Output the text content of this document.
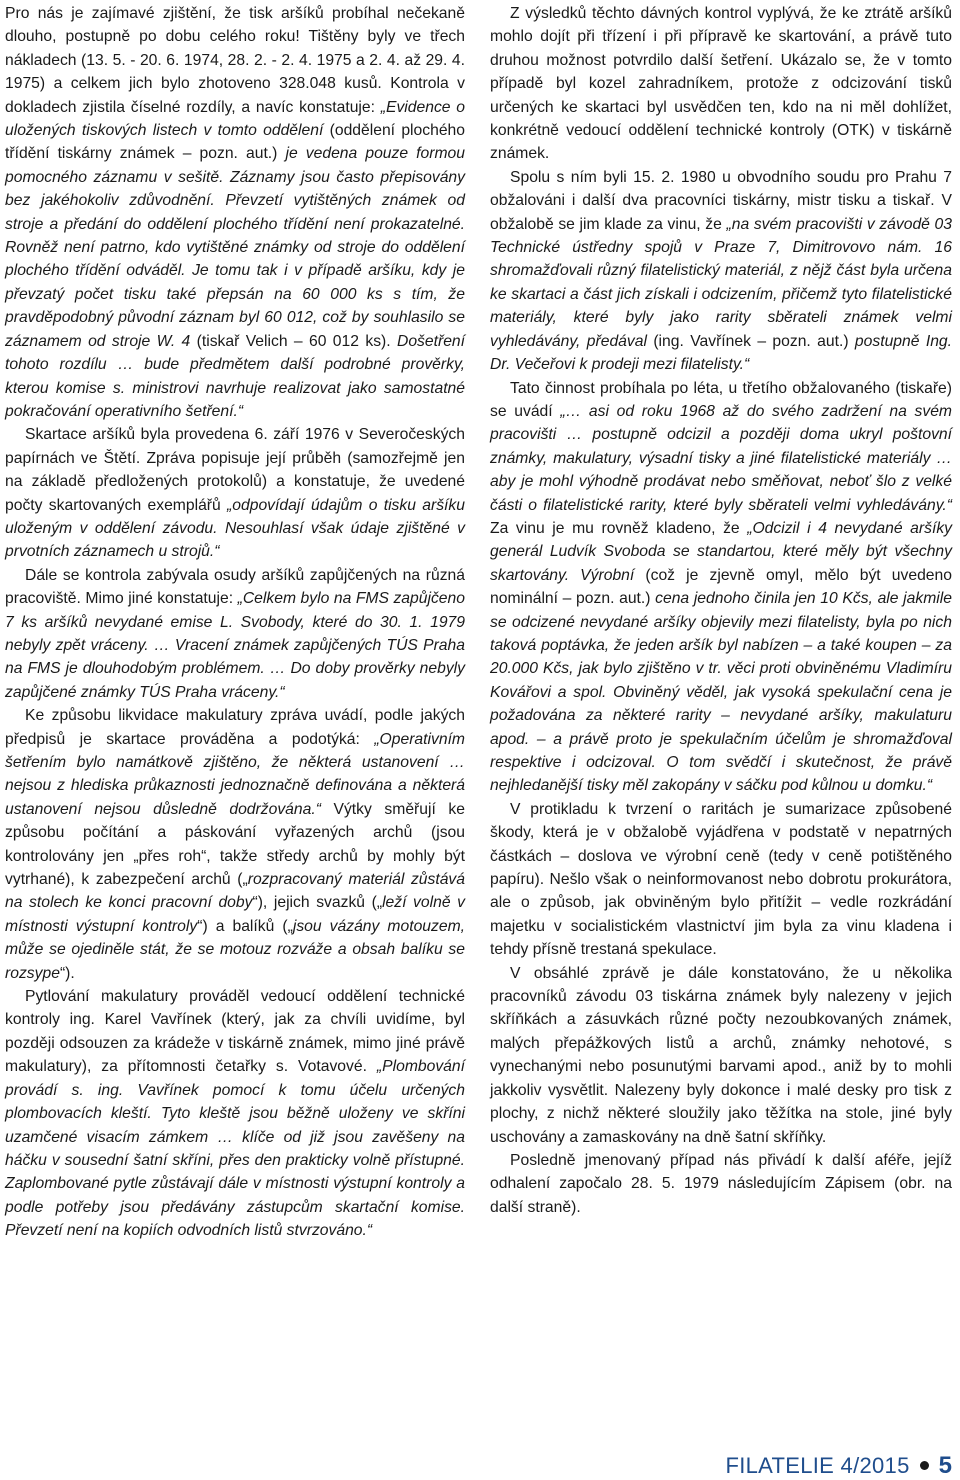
Pro nás je zajímavé zjištění, že tisk aršíků probíhal nečekaně dlouho, postupně po dobu celého roku! Tištěny byly ve třech nákladech (13. 5. - 20. 6. 1974, 28. 2. - 2. 4. 1975 a 2. 4. až 29. 4. 1975) a celkem jich bylo zhotoveno 328.048 kusů. Kontrola v dokladech zjistila číselné rozdíly, a navíc konstatuje: „Evidence o uložených tiskových listech v tomto oddělení (oddělení plochého třídění tiskárny známek – pozn. aut.) je vedena pouze formou pomocného záznamu v sešitě. Záznamy jsou často přepisovány bez jakéhokoliv zdůvodnění. Převzetí vytištěných známek od stroje a předání do oddělení plochého třídění není prokazatelné. Rovněž není patrno, kdo vytištěné známky od stroje do oddělení plochého třídění odváděl. Je tomu tak i v případě aršíku, kdy je převzatý počet tisku také přepsán na 60 000 ks s tím, že pravděpodobný původní záznam byl 60 012, což by souhlasilo se záznamem od stroje W. 4 (tiskař Velich – 60 012 ks). Došetření tohoto rozdílu … bude předmětem další podrobné prověrky, kterou komise s. ministrovi navrhuje realizovat jako samostatné pokračování operativního šetření.“

Skartace aršíků byla provedena 6. září 1976 v Severočeských papírnách ve Štětí. Zpráva popisuje její průběh (samozřejmě jen na základě předložených protokolů) a konstatuje, že uvedené počty skartovaných exemplářů „odpovídají údajům o tisku aršíku uloženým v oddělení závodu. Nesouhlasí však údaje zjištěné v prvotních záznamech u strojů.“

Dále se kontrola zabývala osudy aršíků zapůjčených na různá pracoviště. Mimo jiné konstatuje: „Celkem bylo na FMS zapůjčeno 7 ks aršíků nevydané emise L. Svobody, které do 30. 1. 1979 nebyly zpět vráceny. … Vracení známek zapůjčených TÚS Praha na FMS je dlouhodobým problémem. … Do doby prověrky nebyly zapůjčené známky TÚS Praha vráceny.“

Ke způsobu likvidace makulatury zpráva uvádí, podle jakých předpisů je skartace prováděna a podotýká: „Operativním šetřením bylo namátkově zjištěno, že některá ustanovení … nejsou z hlediska průkaznosti jednoznačně definována a některá ustanovení nejsou důsledně dodržována.“ Výtky směřují ke způsobu počítání a páskování vyřazených archů (jsou kontrolovány jen „přes roh“, takže středy archů by mohly být vytrhané), k zabezpečení archů („rozpracovaný materiál zůstává na stolech ke konci pracovní doby“), jejich svazků („leží volně v místnosti výstupní kontroly“) a balíků („jsou vázány motouzem, může se ojediněle stát, že se motouz rozváže a obsah balíku se rozsype“).

Pytlování makulatury prováděl vedoucí oddělení technické kontroly ing. Karel Vavřínek (který, jak za chvíli uvidíme, byl později odsouzen za krádeže v tiskárně známek, mimo jiné právě makulatury), za přítomnosti četařky s. Votavové. „Plombování provádí s. ing. Vavřínek pomocí k tomu účelu určených plombovacích kleští. Tyto kleště jsou běžně uloženy ve skříni uzamčené visacím zámkem … klíče od již jsou zavěšeny na háčku v sousední šatní skříni, přes den prakticky volně přístupné. Zaplombované pytle zůstávají dále v místnosti výstupní kontroly a podle potřeby jsou předávány zástupcům skartační komise. Převzetí není na kopiích odvodních listů stvrzováno.“

Z výsledků těchto dávných kontrol vyplývá, že ke ztrátě aršíků mohlo dojít při třízení i při přípravě ke skartování, a právě tuto druhou možnost potvrdilo další šetření. Ukázalo se, že v tomto případě byl kozel zahradníkem, protože z odcizování tisků určených ke skartaci byl usvědčen ten, kdo na ni měl dohlížet, konkrétně vedoucí oddělení technické kontroly (OTK) v tiskárně známek.

Spolu s ním byli 15. 2. 1980 u obvodního soudu pro Prahu 7 obžalováni i další dva pracovníci tiskárny, mistr tisku a tiskař. V obžalobě se jim klade za vinu, že „na svém pracovišti v závodě 03 Technické ústředny spojů v Praze 7, Dimitrovovo nám. 16 shromažďovali různý filatelistický materiál, z nějž část byla určena ke skartaci a část jich získali i odcizením, přičemž tyto filatelistické materiály, které byly jako rarity sběrateli známek velmi vyhledávány, předával (ing. Vavřínek – pozn. aut.) postupně Ing. Dr. Večeřovi k prodeji mezi filatelisty.“

Tato činnost probíhala po léta, u třetího obžalovaného (tiskaře) se uvádí „… asi od roku 1968 až do svého zadržení na svém pracovišti … postupně odcizil a později doma ukryl poštovní známky, makulatury, výsadní tisky a jiné filatelistické materiály … aby je mohl výhodně prodávat nebo směňovat, neboť šlo z velké části o filatelistické rarity, které byly sběrateli velmi vyhledávány.“ Za vinu je mu rovněž kladeno, že „Odcizil i 4 nevydané aršíky generál Ludvík Svoboda se standartou, které měly být všechny skartovány. Výrobní (což je zjevně omyl, mělo být uvedeno nominální – pozn. aut.) cena jednoho činila jen 10 Kčs, ale jakmile se odcizené nevydané aršíky objevily mezi filatelisty, byla po nich taková poptávka, že jeden aršík byl nabízen – a také koupen – za 20.000 Kčs, jak bylo zjištěno v tr. věci proti obviněnému Vladimíru Kovářovi a spol. Obviněný věděl, jak vysoká spekulační cena je požadována za některé rarity – nevydané aršíky, makulaturu apod. – a právě proto je spekulačním účelům je shromažďoval respektive i odcizoval. O tom svědčí i skutečnost, že právě nejhledanější tisky měl zakopány v sáčku pod kůlnou u domku.“

V protikladu k tvrzení o raritách je sumarizace způsobené škody, která je v obžalobě vyjádřena v podstatě v nepatrných částkách – doslova ve výrobní ceně (tedy v ceně potištěného papíru). Nešlo však o neinformovanost nebo dobrotu prokurátora, ale o způsob, jak obviněným bylo přitížit – vedle rozkrádání majetku v socialistickém vlastnictví jim byla za vinu kladena i tehdy přísně trestaná spekulace.

V obsáhlé zprávě je dále konstatováno, že u několika pracovníků závodu 03 tiskárna známek byly nalezeny v jejich skříňkách a zásuvkách různé počty nezoubkovaných známek, malých přepážkových listů a archů, známky nehotové, s vynechanými nebo posunutými barvami apod., aniž by to mohli jakkoliv vysvětlit. Nalezeny byly dokonce i malé desky pro tisk z plochy, z nichž některé sloužily jako těžítka na stole, jiné byly uschovány a zamaskovány na dně šatní skříňky.

Posledně jmenovaný případ nás přivádí k další aféře, jejíž odhalení započalo 28. 5. 1979 následujícím Zápisem (obr. na další straně).

FILATELIE 4/2015 5
